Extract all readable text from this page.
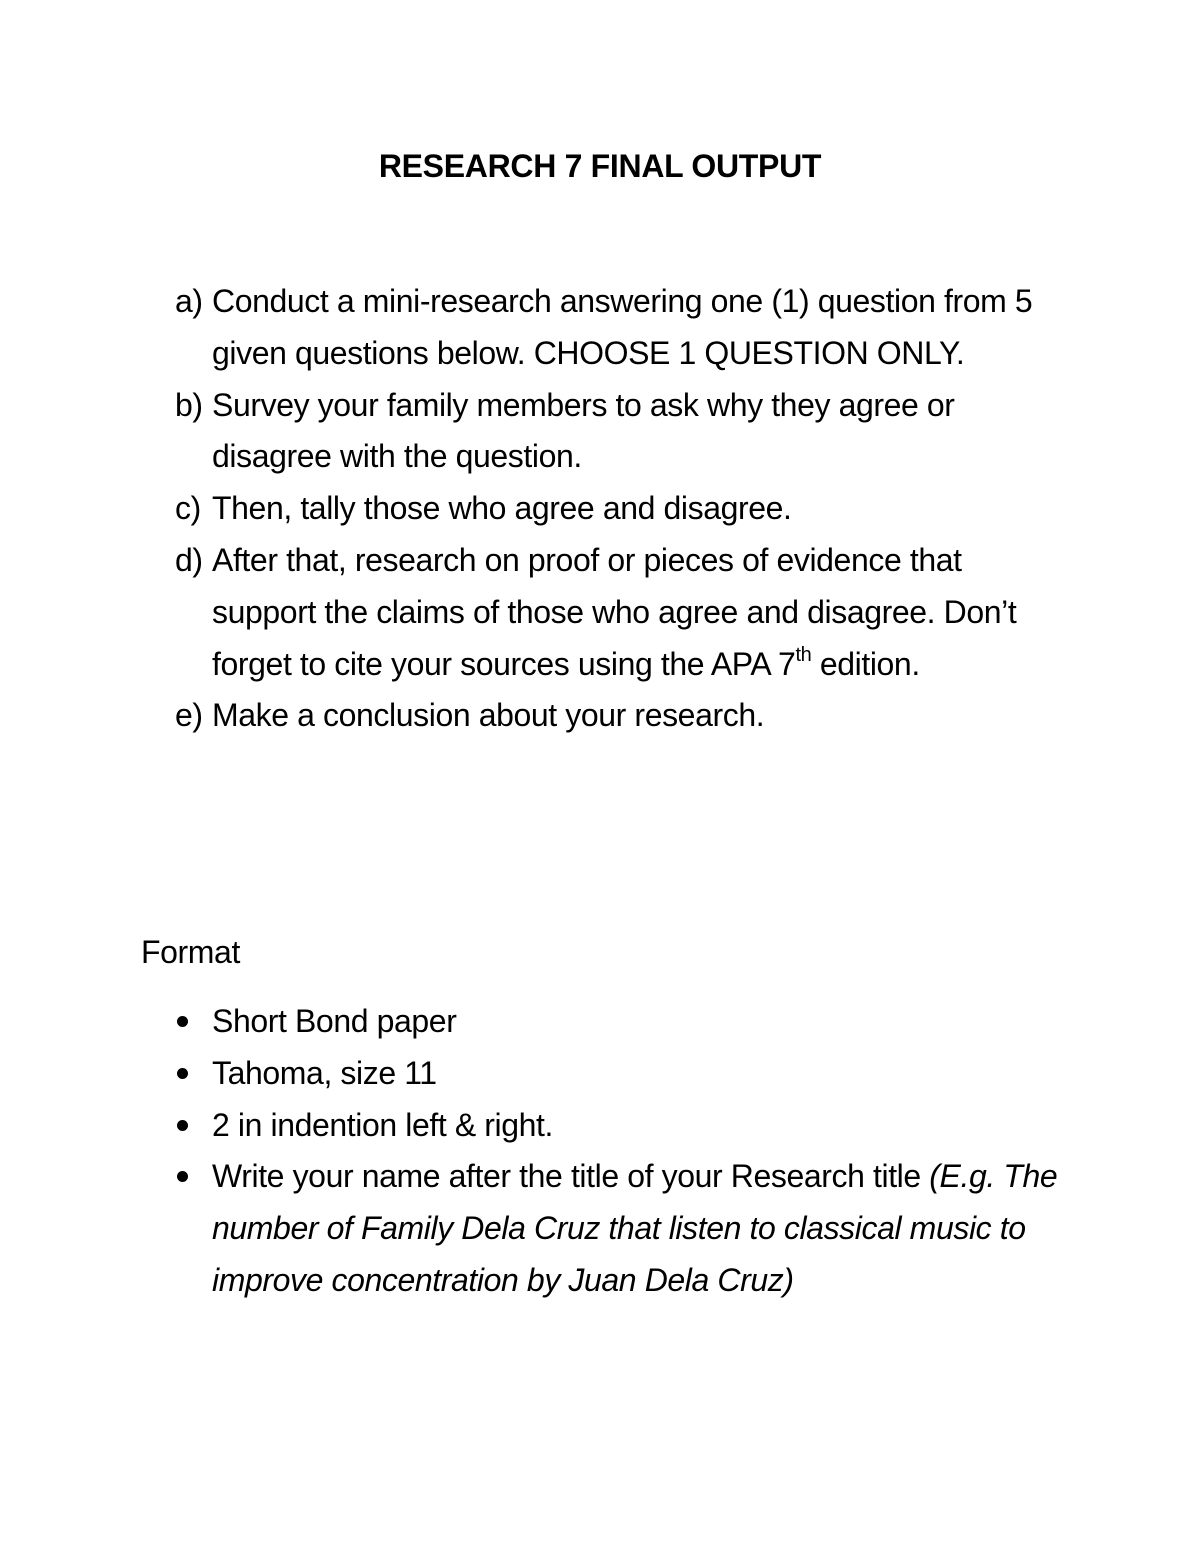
RESEARCH 7 FINAL OUTPUT
a) Conduct a mini-research answering one (1) question from 5 given questions below. CHOOSE 1 QUESTION ONLY.
b) Survey your family members to ask why they agree or disagree with the question.
c) Then, tally those who agree and disagree.
d) After that, research on proof or pieces of evidence that support the claims of those who agree and disagree. Don’t forget to cite your sources using the APA 7th edition.
e) Make a conclusion about your research.
Format
Short Bond paper
Tahoma, size 11
2 in indention left & right.
Write your name after the title of your Research title (E.g. The number of Family Dela Cruz that listen to classical music to improve concentration by Juan Dela Cruz)
